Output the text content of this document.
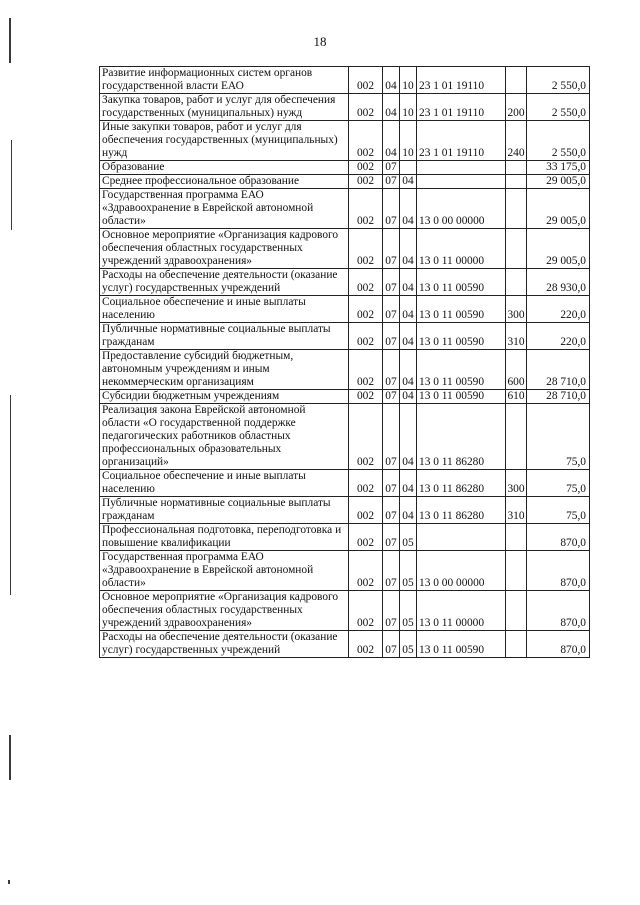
18
Развитие информационных систем органов государственной власти ЕАО	002	04	10	23 1 01 19110		2 550,0
Закупка товаров, работ и услуг для обеспечения государственных (муниципальных) нужд	002	04	10	23 1 01 19110	200	2 550,0
Иные закупки товаров, работ и услуг для обеспечения государственных (муниципальных) нужд	002	04	10	23 1 01 19110	240	2 550,0
Образование	002	07				33 175,0
Среднее профессиональное образование	002	07	04			29 005,0
Государственная программа ЕАО «Здравоохранение в Еврейской автономной области»	002	07	04	13 0 00 00000		29 005,0
Основное мероприятие «Организация кадрового обеспечения областных государственных учреждений здравоохранения»	002	07	04	13 0 11 00000		29 005,0
Расходы на обеспечение деятельности (оказание услуг) государственных учреждений	002	07	04	13 0 11 00590		28 930,0
Социальное обеспечение и иные выплаты населению	002	07	04	13 0 11 00590	300	220,0
Публичные нормативные социальные выплаты гражданам	002	07	04	13 0 11 00590	310	220,0
Предоставление субсидий бюджетным, автономным учреждениям и иным некоммерческим организациям	002	07	04	13 0 11 00590	600	28 710,0
Субсидии бюджетным учреждениям	002	07	04	13 0 11 00590	610	28 710,0
Реализация закона Еврейской автономной области «О государственной поддержке педагогических работников областных профессиональных образовательных организаций»	002	07	04	13 0 11 86280		75,0
Социальное обеспечение и иные выплаты населению	002	07	04	13 0 11 86280	300	75,0
Публичные нормативные социальные выплаты гражданам	002	07	04	13 0 11 86280	310	75,0
Профессиональная подготовка, переподготовка и повышение квалификации	002	07	05			870,0
Государственная программа ЕАО «Здравоохранение в Еврейской автономной области»	002	07	05	13 0 00 00000		870,0
Основное мероприятие «Организация кадрового обеспечения областных государственных учреждений здравоохранения»	002	07	05	13 0 11 00000		870,0
Расходы на обеспечение деятельности (оказание услуг) государственных учреждений	002	07	05	13 0 11 00590		870,0
